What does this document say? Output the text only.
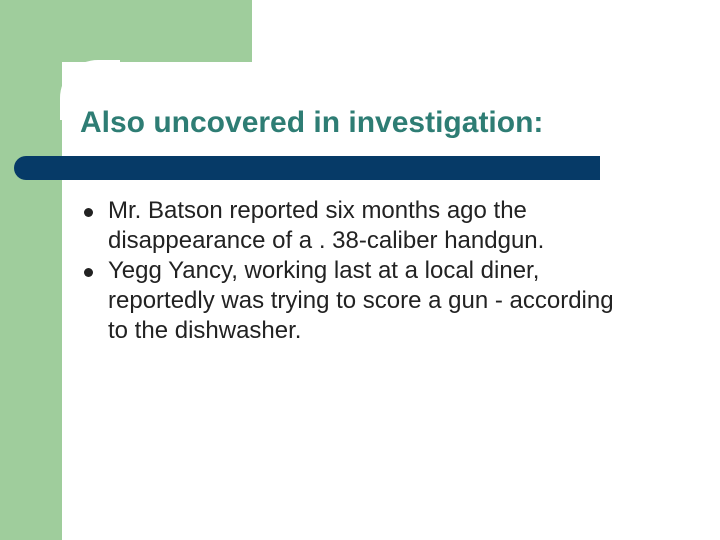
Also uncovered in investigation:
Mr. Batson reported six months ago the
disappearance of a . 38-caliber handgun.
Yegg Yancy, working last at a local diner,
reportedly was trying to score a gun - according
to the dishwasher.
